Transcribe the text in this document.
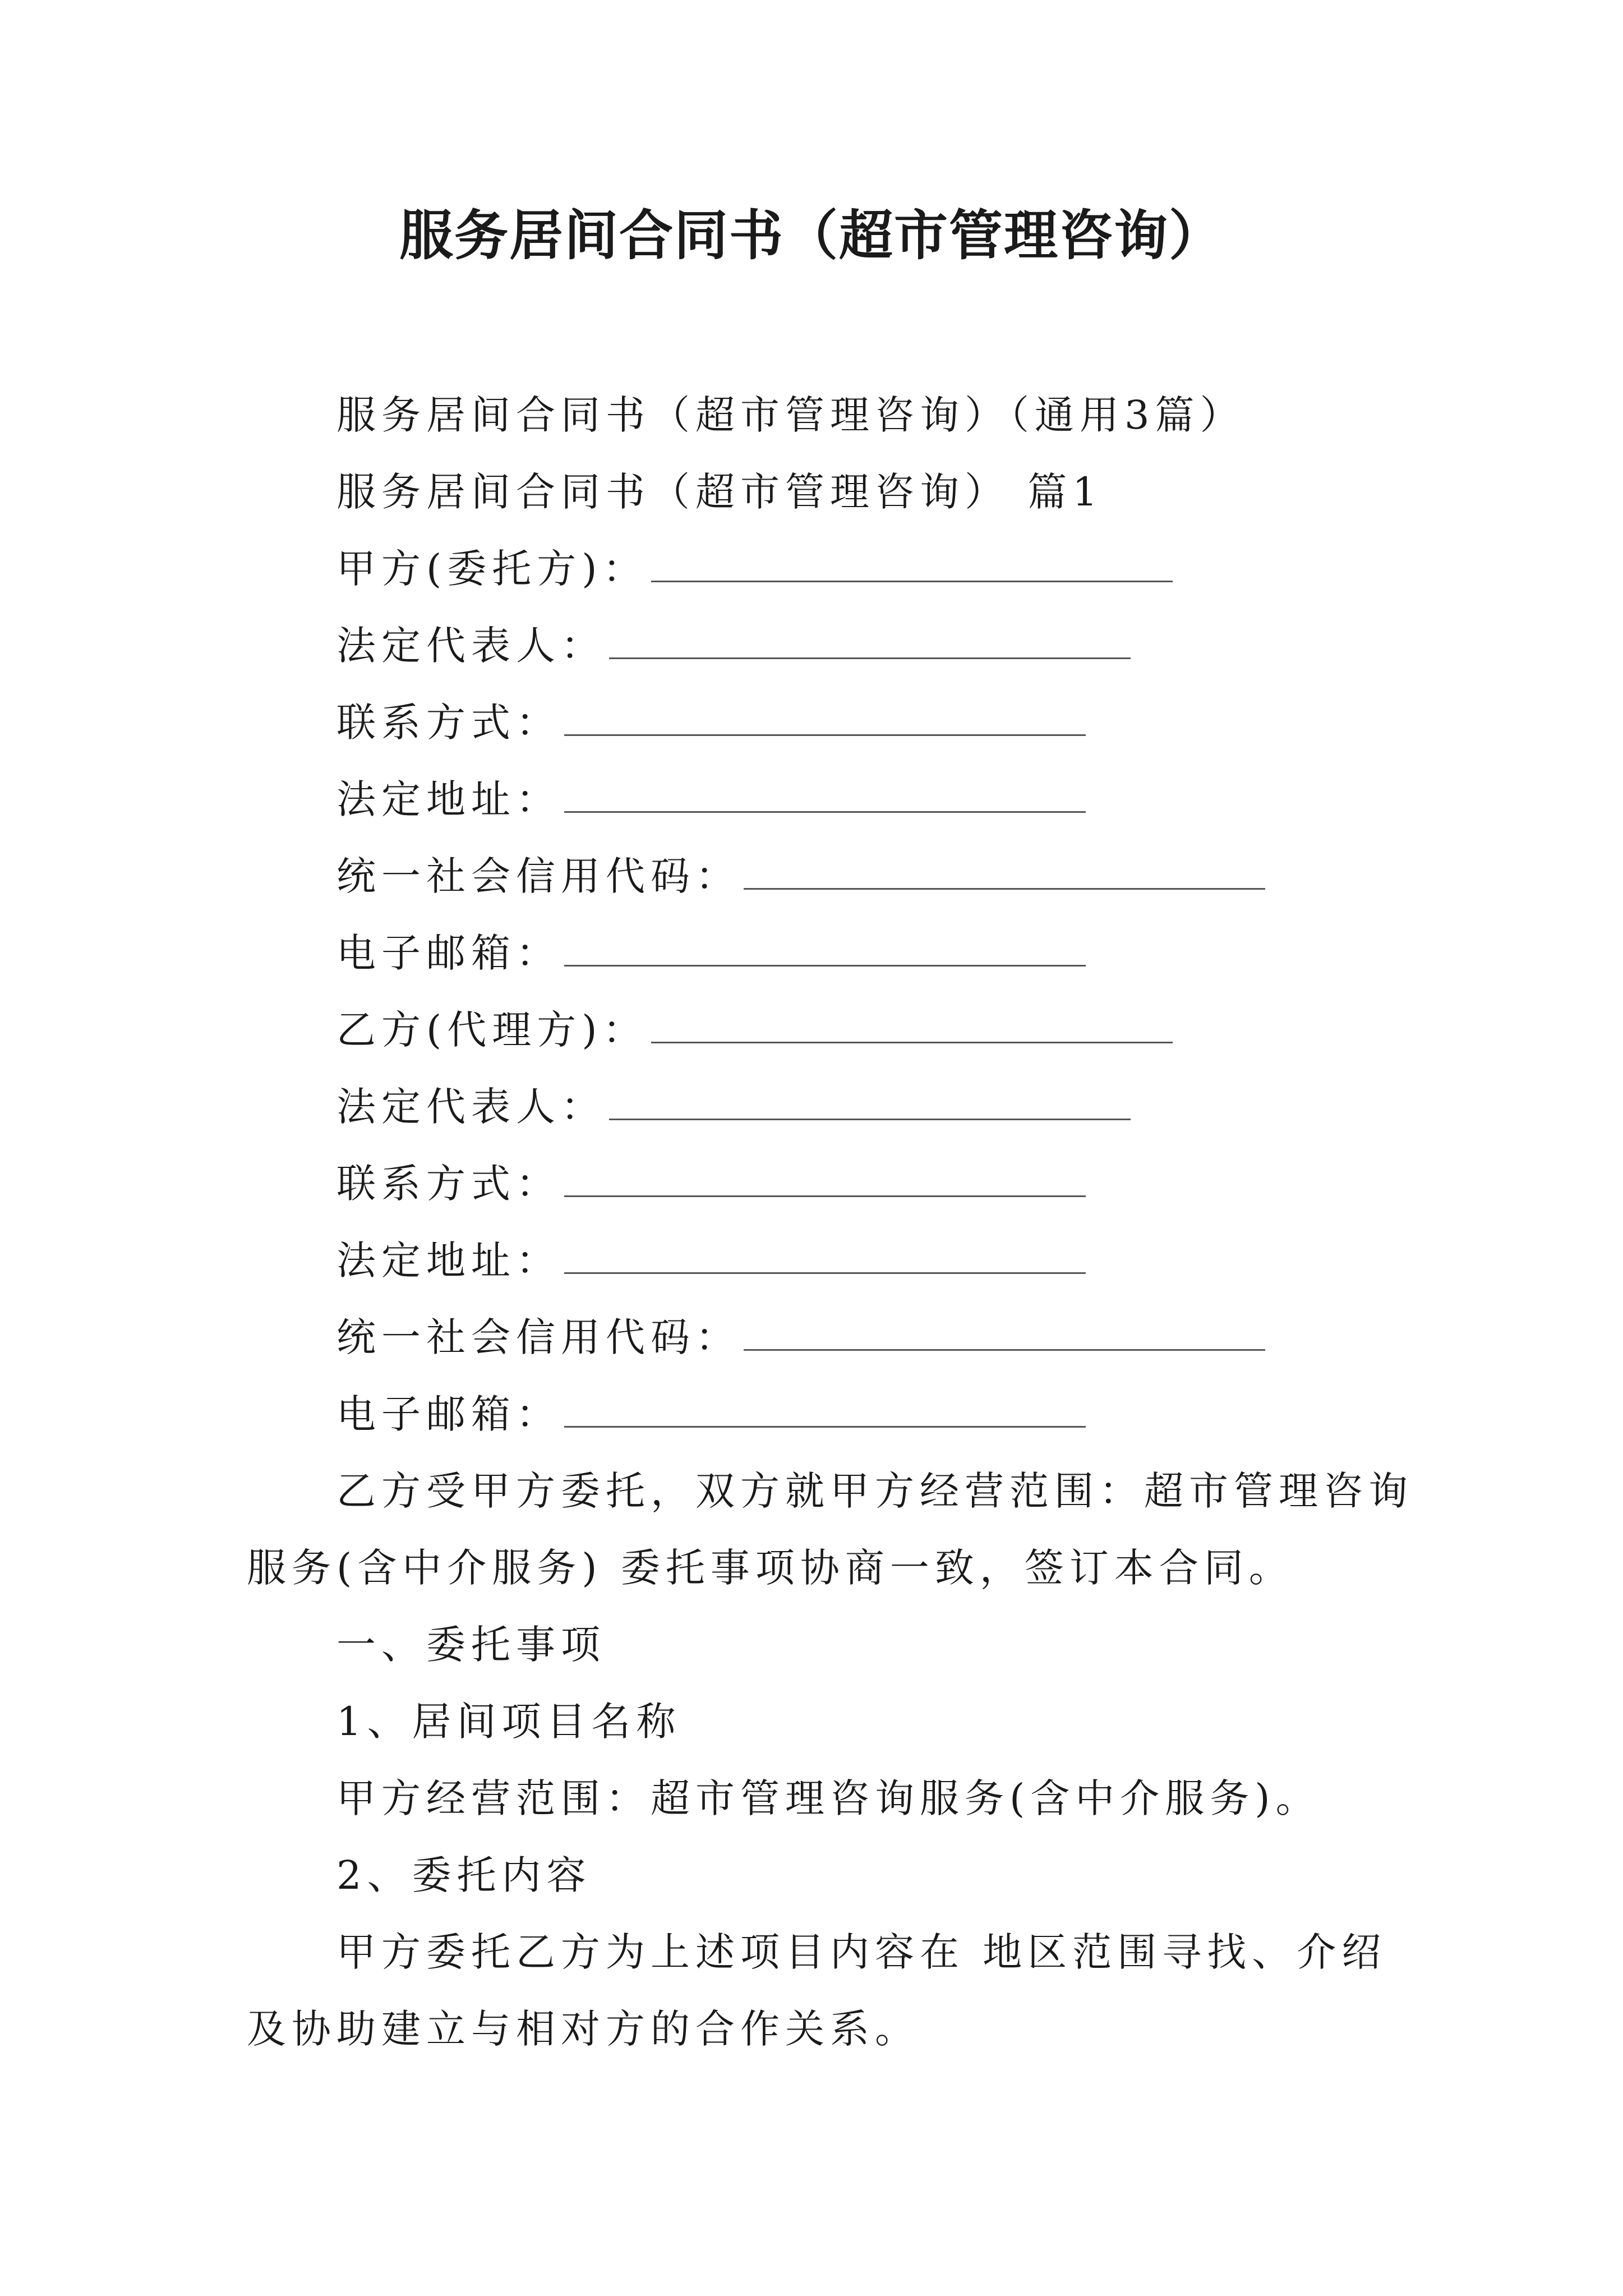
服务居间合同书（超市管理咨询）
服务居间合同书（超市管理咨询）（通用3篇）
服务居间合同书（超市管理咨询） 篇1
甲方(委托方)：
法定代表人：
联系方式：
法定地址：
统一社会信用代码：
电子邮箱：
乙方(代理方)：
法定代表人：
联系方式：
法定地址：
统一社会信用代码：
电子邮箱：
乙方受甲方委托，双方就甲方经营范围：超市管理咨询
服务(含中介服务) 委托事项协商一致，签订本合同。
一、委托事项
1、居间项目名称
甲方经营范围：超市管理咨询服务(含中介服务)。
2、委托内容
甲方委托乙方为上述项目内容在 地区范围寻找、介绍
及协助建立与相对方的合作关系。
